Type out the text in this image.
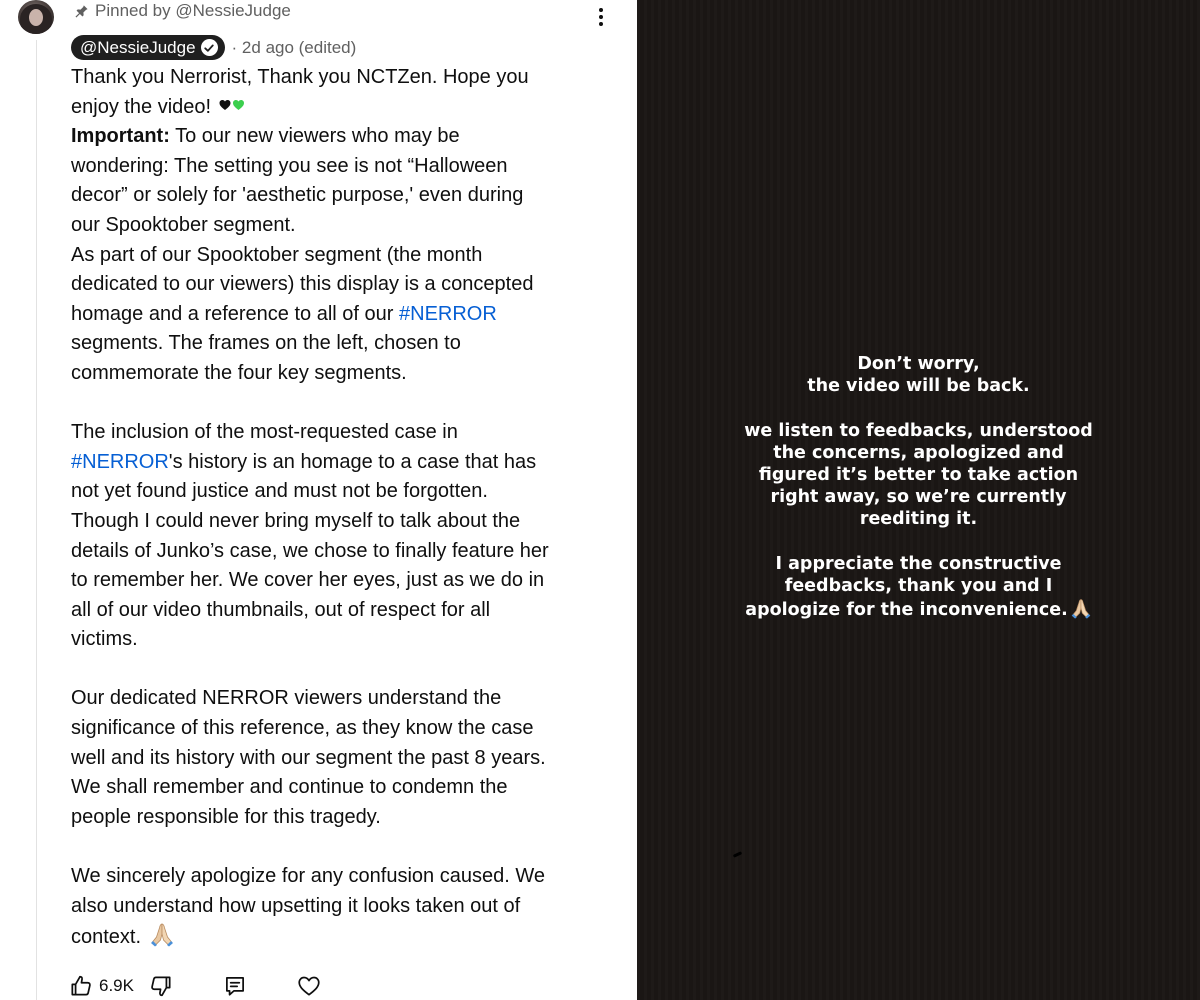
Pinned by @NessieJudge
@NessieJudge · 2d ago (edited)
Thank you Nerrorist, Thank you NCTZen. Hope you
enjoy the video!
Important: To our new viewers who may be
wondering: The setting you see is not “Halloween
decor” or solely for 'aesthetic purpose,' even during
our Spooktober segment.
As part of our Spooktober segment (the month
dedicated to our viewers) this display is a concepted
homage and a reference to all of our #NERROR
segments. The frames on the left, chosen to
commemorate the four key segments.
The inclusion of the most-requested case in
#NERROR's history is an homage to a case that has
not yet found justice and must not be forgotten.
Though I could never bring myself to talk about the
details of Junko’s case, we chose to finally feature her
to remember her. We cover her eyes, just as we do in
all of our video thumbnails, out of respect for all
victims.
Our dedicated NERROR viewers understand the
significance of this reference, as they know the case
well and its history with our segment the past 8 years.
We shall remember and continue to condemn the
people responsible for this tragedy.
We sincerely apologize for any confusion caused. We
also understand how upsetting it looks taken out of
context.
6.9K
Don’t worry,
the video will be back.
we listen to feedbacks, understood
the concerns, apologized and
figured it’s better to take action
right away, so we’re currently
reediting it.
I appreciate the constructive
feedbacks, thank you and I
apologize for the inconvenience.
